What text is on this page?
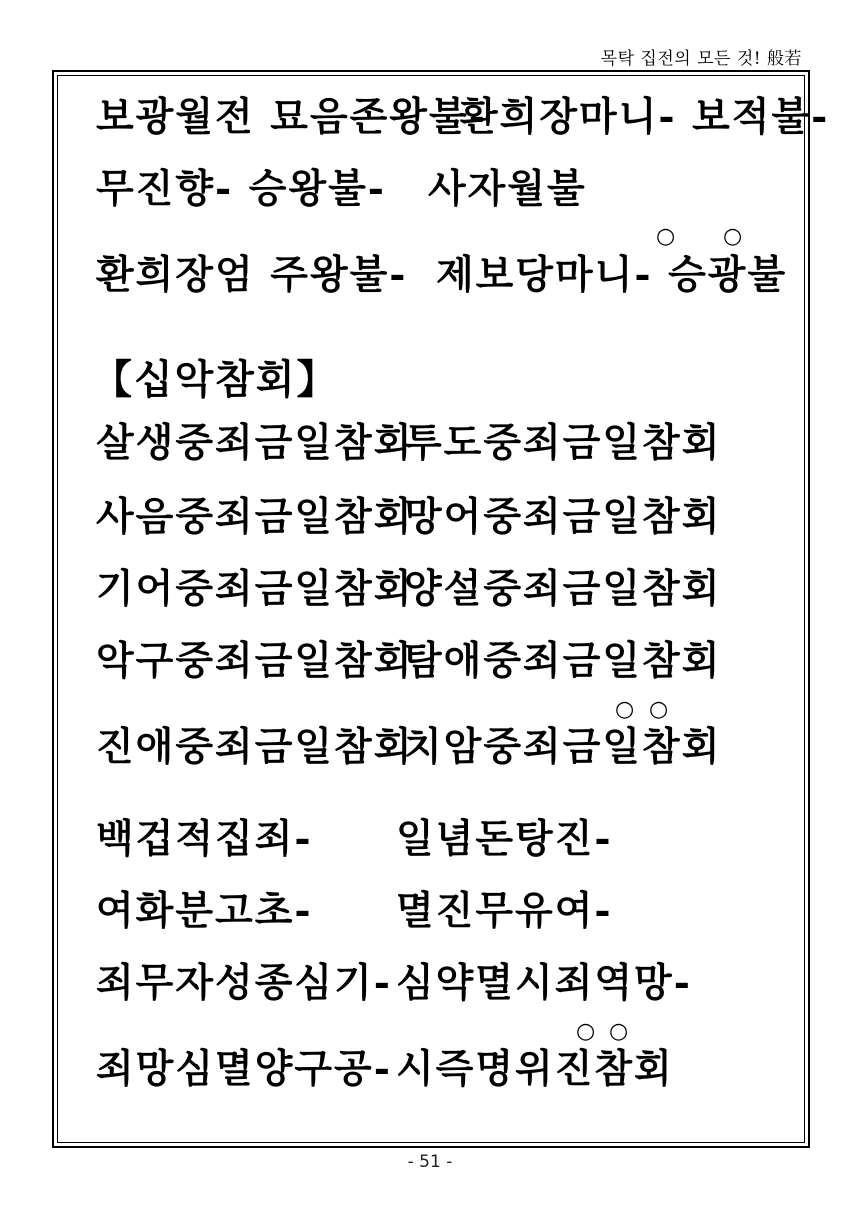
목탁 집전의 모든 것! 般若

보광월전 묘음존왕불-

환희장마니- 보적불-

무진향- 승왕불-

사자월불

○ ○

환희장엄 주왕불-

제보당마니- 승광불

【십악참회】

살생중죄금일참회

투도중죄금일참회

사음중죄금일참회

망어중죄금일참회

기어중죄금일참회

양설중죄금일참회

악구중죄금일참회

탐애중죄금일참회

○ ○

진애중죄금일참회

치암중죄금일참회

백겁적집죄-

일념돈탕진-

여화분고초-

멸진무유여-

죄무자성종심기-

심약멸시죄역망-

○ ○

죄망심멸양구공-

시즉명위진참회

- 51 -
